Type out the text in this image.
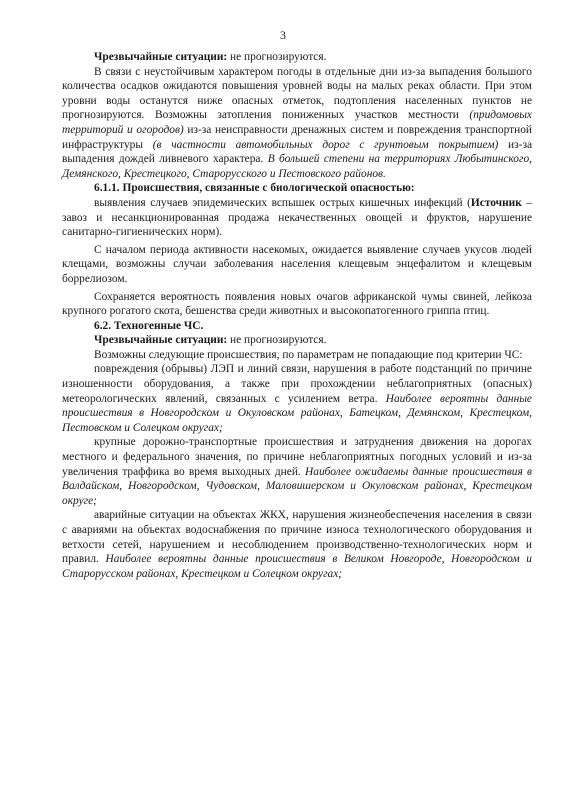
3

Чрезвычайные ситуации: не прогнозируются.

В связи с неустойчивым характером погоды в отдельные дни из-за выпадения большого количества осадков ожидаются повышения уровней воды на малых реках области. При этом уровни воды останутся ниже опасных отметок, подтопления населенных пунктов не прогнозируются. Возможны затопления пониженных участков местности (придомовых территорий и огородов) из-за неисправности дренажных систем и повреждения транспортной инфраструктуры (в частности автомобильных дорог с грунтовым покрытием) из-за выпадения дождей ливневого характера. В большей степени на территориях Любытинского, Демянского, Крестецкого, Старорусского и Пестовского районов.

6.1.1. Происшествия, связанные с биологической опасностью:

выявления случаев эпидемических вспышек острых кишечных инфекций (Источник – завоз и несанкционированная продажа некачественных овощей и фруктов, нарушение санитарно-гигиенических норм).

С началом периода активности насекомых, ожидается выявление случаев укусов людей клещами, возможны случаи заболевания населения клещевым энцефалитом и клещевым боррелиозом.

Сохраняется вероятность появления новых очагов африканской чумы свиней, лейкоза крупного рогатого скота, бешенства среди животных и высокопатогенного гриппа птиц.

6.2. Техногенные ЧС.

Чрезвычайные ситуации: не прогнозируются.

Возможны следующие происшествия, по параметрам не попадающие под критерии ЧС:

повреждения (обрывы) ЛЭП и линий связи, нарушения в работе подстанций по причине изношенности оборудования, а также при прохождении неблагоприятных (опасных) метеорологических явлений, связанных с усилением ветра. Наиболее вероятны данные происшествия в Новгородском и Окуловском районах, Батецком, Демянском, Крестецком, Пестовском и Солецком округах;

крупные дорожно-транспортные происшествия и затруднения движения на дорогах местного и федерального значения, по причине неблагоприятных погодных условий и из-за увеличения траффика во время выходных дней. Наиболее ожидаемы данные происшествия в Валдайском, Новгородском, Чудовском, Маловишерском и Окуловском районах, Крестецком округе;

аварийные ситуации на объектах ЖКХ, нарушения жизнеобеспечения населения в связи с авариями на объектах водоснабжения по причине износа технологического оборудования и ветхости сетей, нарушением и несоблюдением производственно-технологических норм и правил. Наиболее вероятны данные происшествия в Великом Новгороде, Новгородском и Старорусском районах, Крестецком и Солецком округах;
